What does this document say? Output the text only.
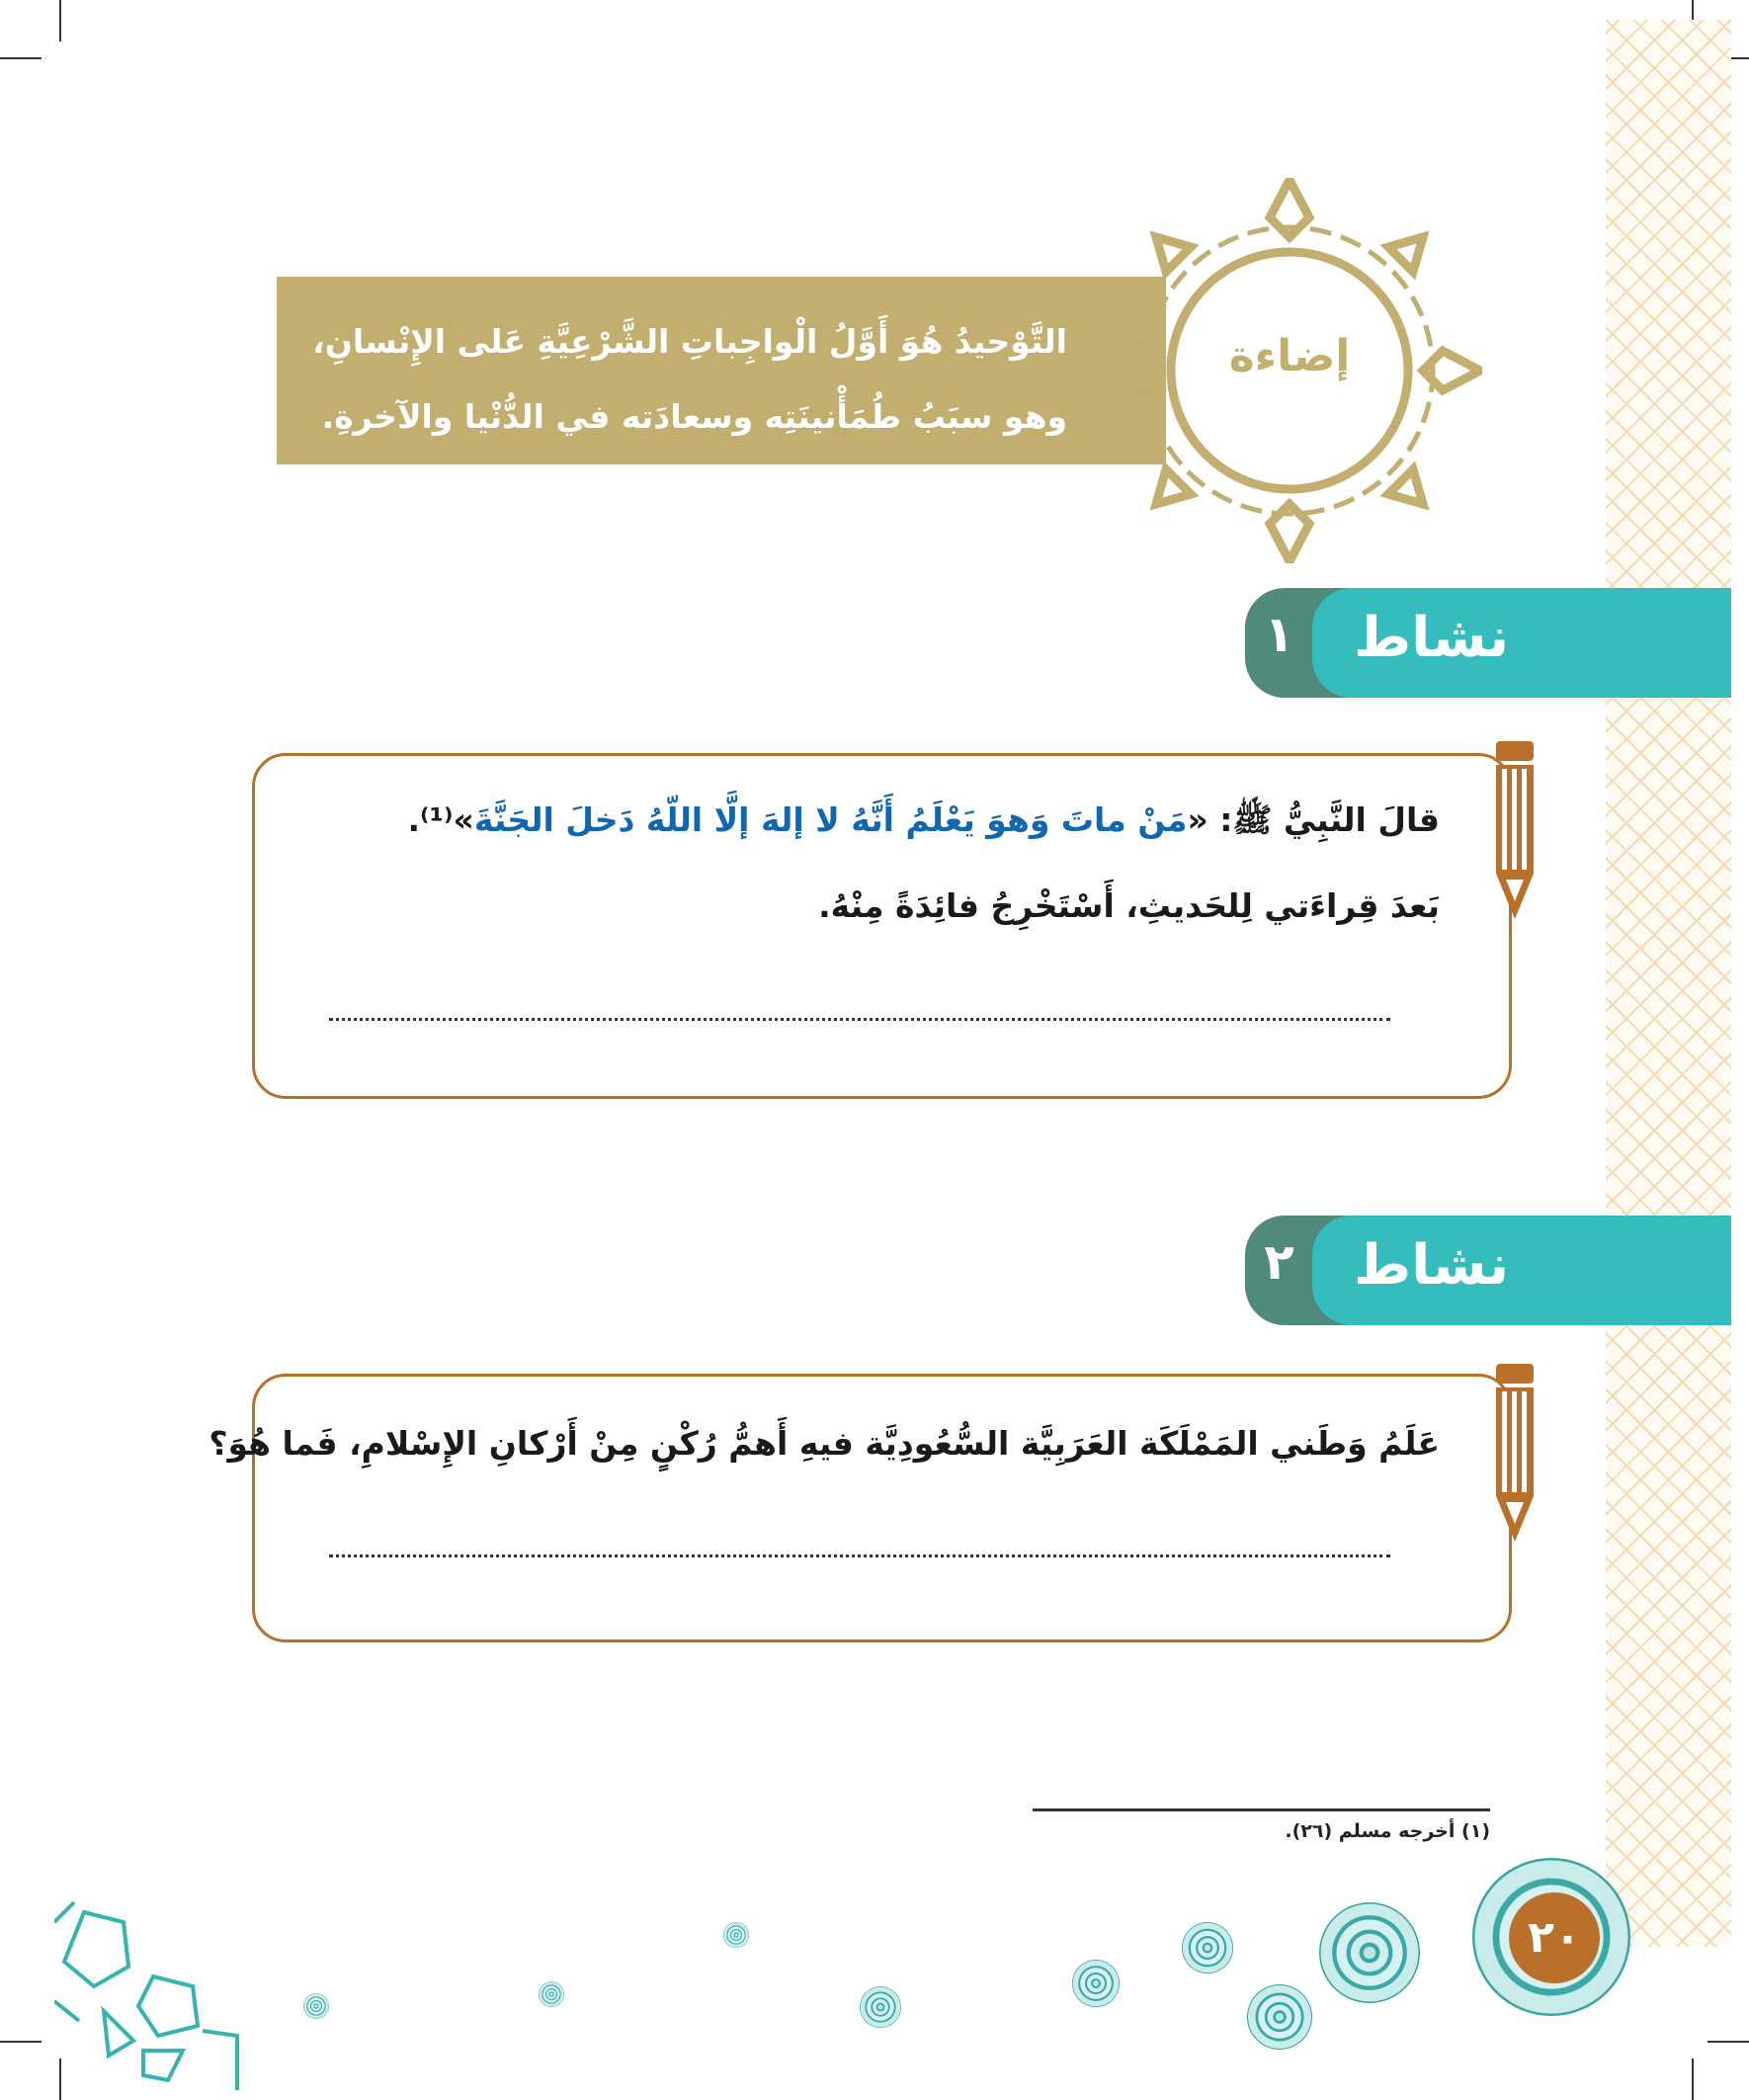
التَّوْحيدُ هُوَ أَوَّلُ الْواجِباتِ الشَّرْعِيَّةِ عَلى الإِنْسانِ،
وهو سبَبُ طُمَأْنينَتِه وسعادَته في الدُّنْيا والآخرةِ.
إضاءة
١ نشاط
قالَ النَّبِيُّ ﷺ: «مَنْ ماتَ وَهوَ يَعْلَمُ أَنَّهُ لا إلهَ إلَّا اللّهُ دَخلَ الجَنَّةَ»⁽¹⁾.
بَعدَ قِراءَتي لِلحَديثِ، أَسْتَخْرِجُ فائِدَةً مِنْهُ.
٢ نشاط
عَلَمُ وَطَني المَمْلَكَة العَرَبِيَّة السُّعُودِيَّة فيهِ أَهمُّ رُكْنٍ مِنْ أَرْكانِ الإِسْلامِ، فَما هُوَ؟
(١) أخرجه مسلم (٢٦).
٢٠
